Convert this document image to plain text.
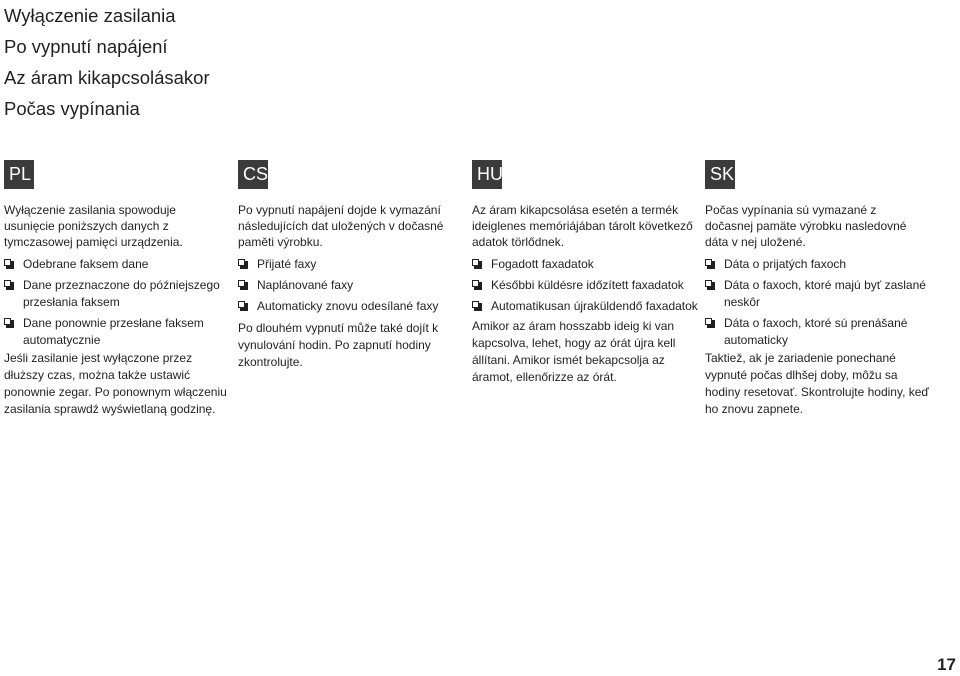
Wyłączenie zasilania
Po vypnutí napájení
Az áram kikapcsolásakor
Počas vypínania
PL
Wyłączenie zasilania spowoduje usunięcie poniższych danych z tymczasowej pamięci urządzenia.
Odebrane faksem dane
Dane przeznaczone do późniejszego przesłania faksem
Dane ponownie przesłane faksem automatycznie
Jeśli zasilanie jest wyłączone przez dłuższy czas, można także ustawić ponownie zegar. Po ponownym włączeniu zasilania sprawdź wyświetlaną godzinę.
CS
Po vypnutí napájení dojde k vymazání následujících dat uložených v dočasné paměti výrobku.
Přijaté faxy
Naplánované faxy
Automaticky znovu odesílané faxy
Po dlouhém vypnutí může také dojít k vynulování hodin. Po zapnutí hodiny zkontrolujte.
HU
Az áram kikapcsolása esetén a termék ideiglenes memóriájában tárolt következő adatok törlődnek.
Fogadott faxadatok
Későbbi küldésre időzített faxadatok
Automatikusan újraküldendő faxadatok
Amikor az áram hosszabb ideig ki van kapcsolva, lehet, hogy az órát újra kell állítani. Amikor ismét bekapcsolja az áramot, ellenőrizze az órát.
SK
Počas vypínania sú vymazané z dočasnej pamäte výrobku nasledovné dáta v nej uložené.
Dáta o prijatých faxoch
Dáta o faxoch, ktoré majú byť zaslané neskôr
Dáta o faxoch, ktoré sú prenášané automaticky
Taktiež, ak je zariadenie ponechané vypnuté počas dlhšej doby, môžu sa hodiny resetovať. Skontrolujte hodiny, keď ho znovu zapnete.
17
